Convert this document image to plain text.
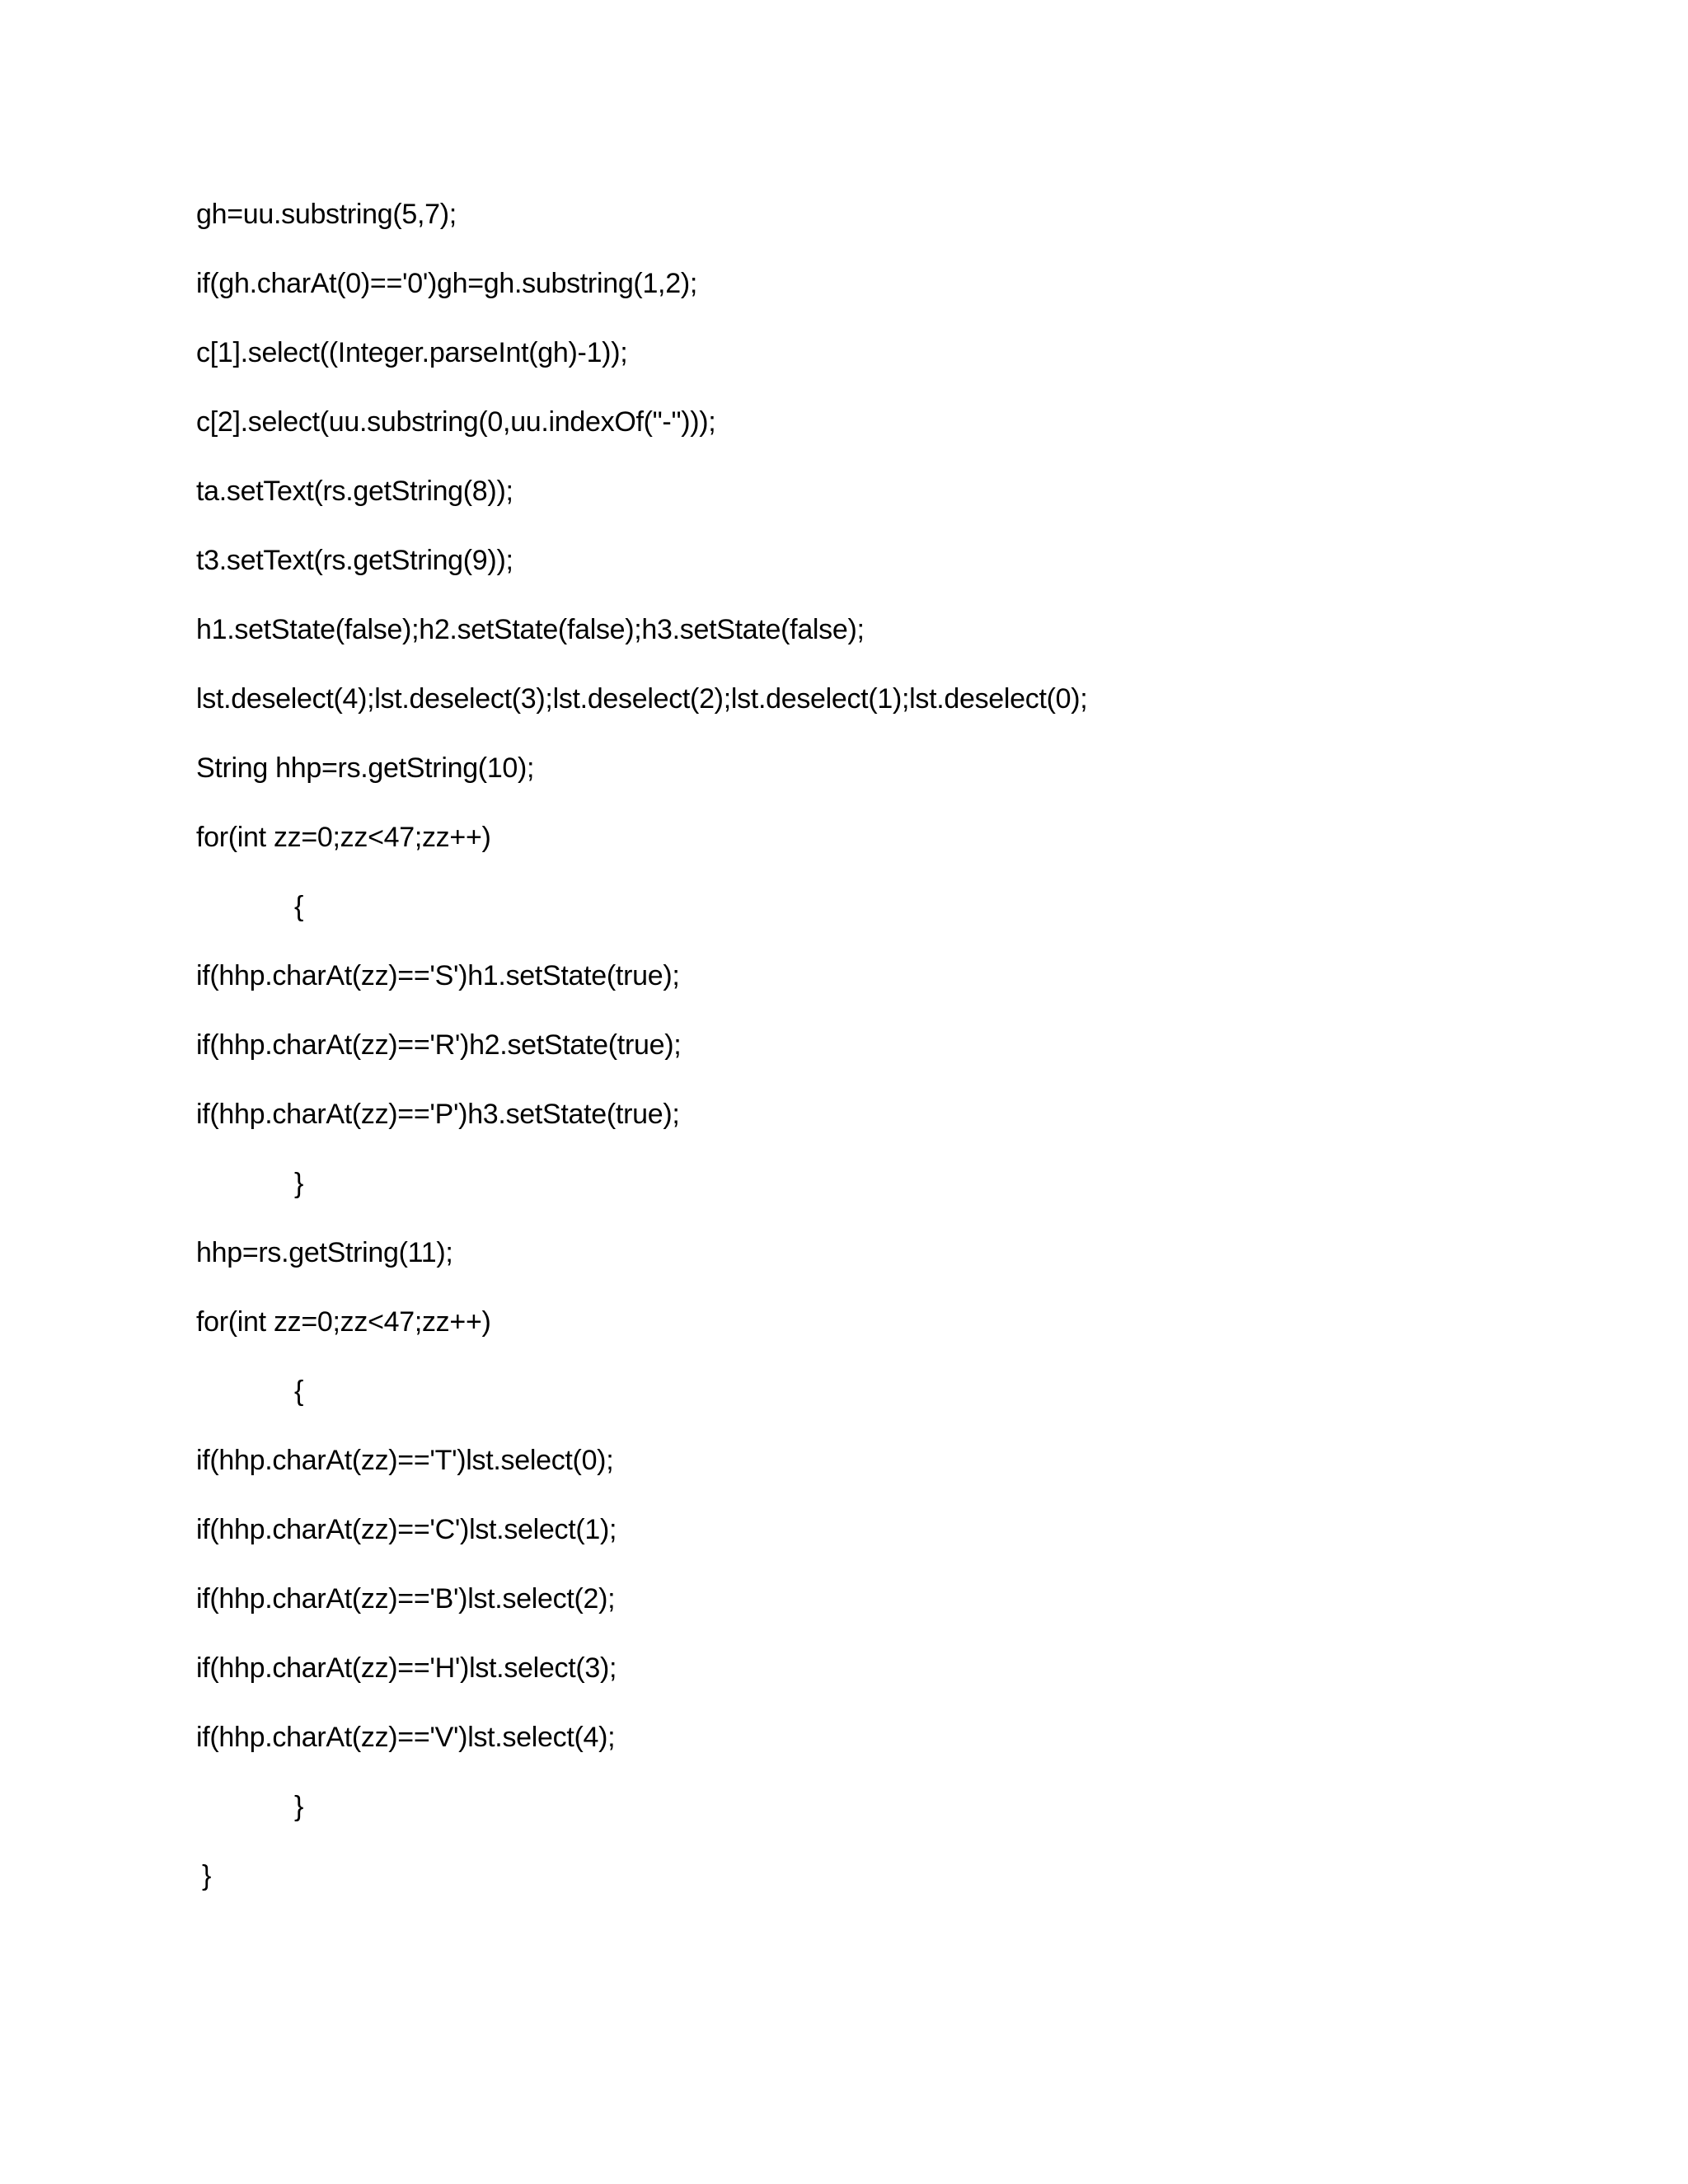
gh=uu.substring(5,7);
if(gh.charAt(0)=='0')gh=gh.substring(1,2);
c[1].select((Integer.parseInt(gh)-1));
c[2].select(uu.substring(0,uu.indexOf("-")));
ta.setText(rs.getString(8));
t3.setText(rs.getString(9));
h1.setState(false);h2.setState(false);h3.setState(false);
lst.deselect(4);lst.deselect(3);lst.deselect(2);lst.deselect(1);lst.deselect(0);
String hhp=rs.getString(10);
for(int zz=0;zz<47;zz++)
{
if(hhp.charAt(zz)=='S')h1.setState(true);
if(hhp.charAt(zz)=='R')h2.setState(true);
if(hhp.charAt(zz)=='P')h3.setState(true);
}
hhp=rs.getString(11);
for(int zz=0;zz<47;zz++)
{
if(hhp.charAt(zz)=='T')lst.select(0);
if(hhp.charAt(zz)=='C')lst.select(1);
if(hhp.charAt(zz)=='B')lst.select(2);
if(hhp.charAt(zz)=='H')lst.select(3);
if(hhp.charAt(zz)=='V')lst.select(4);
}
}
